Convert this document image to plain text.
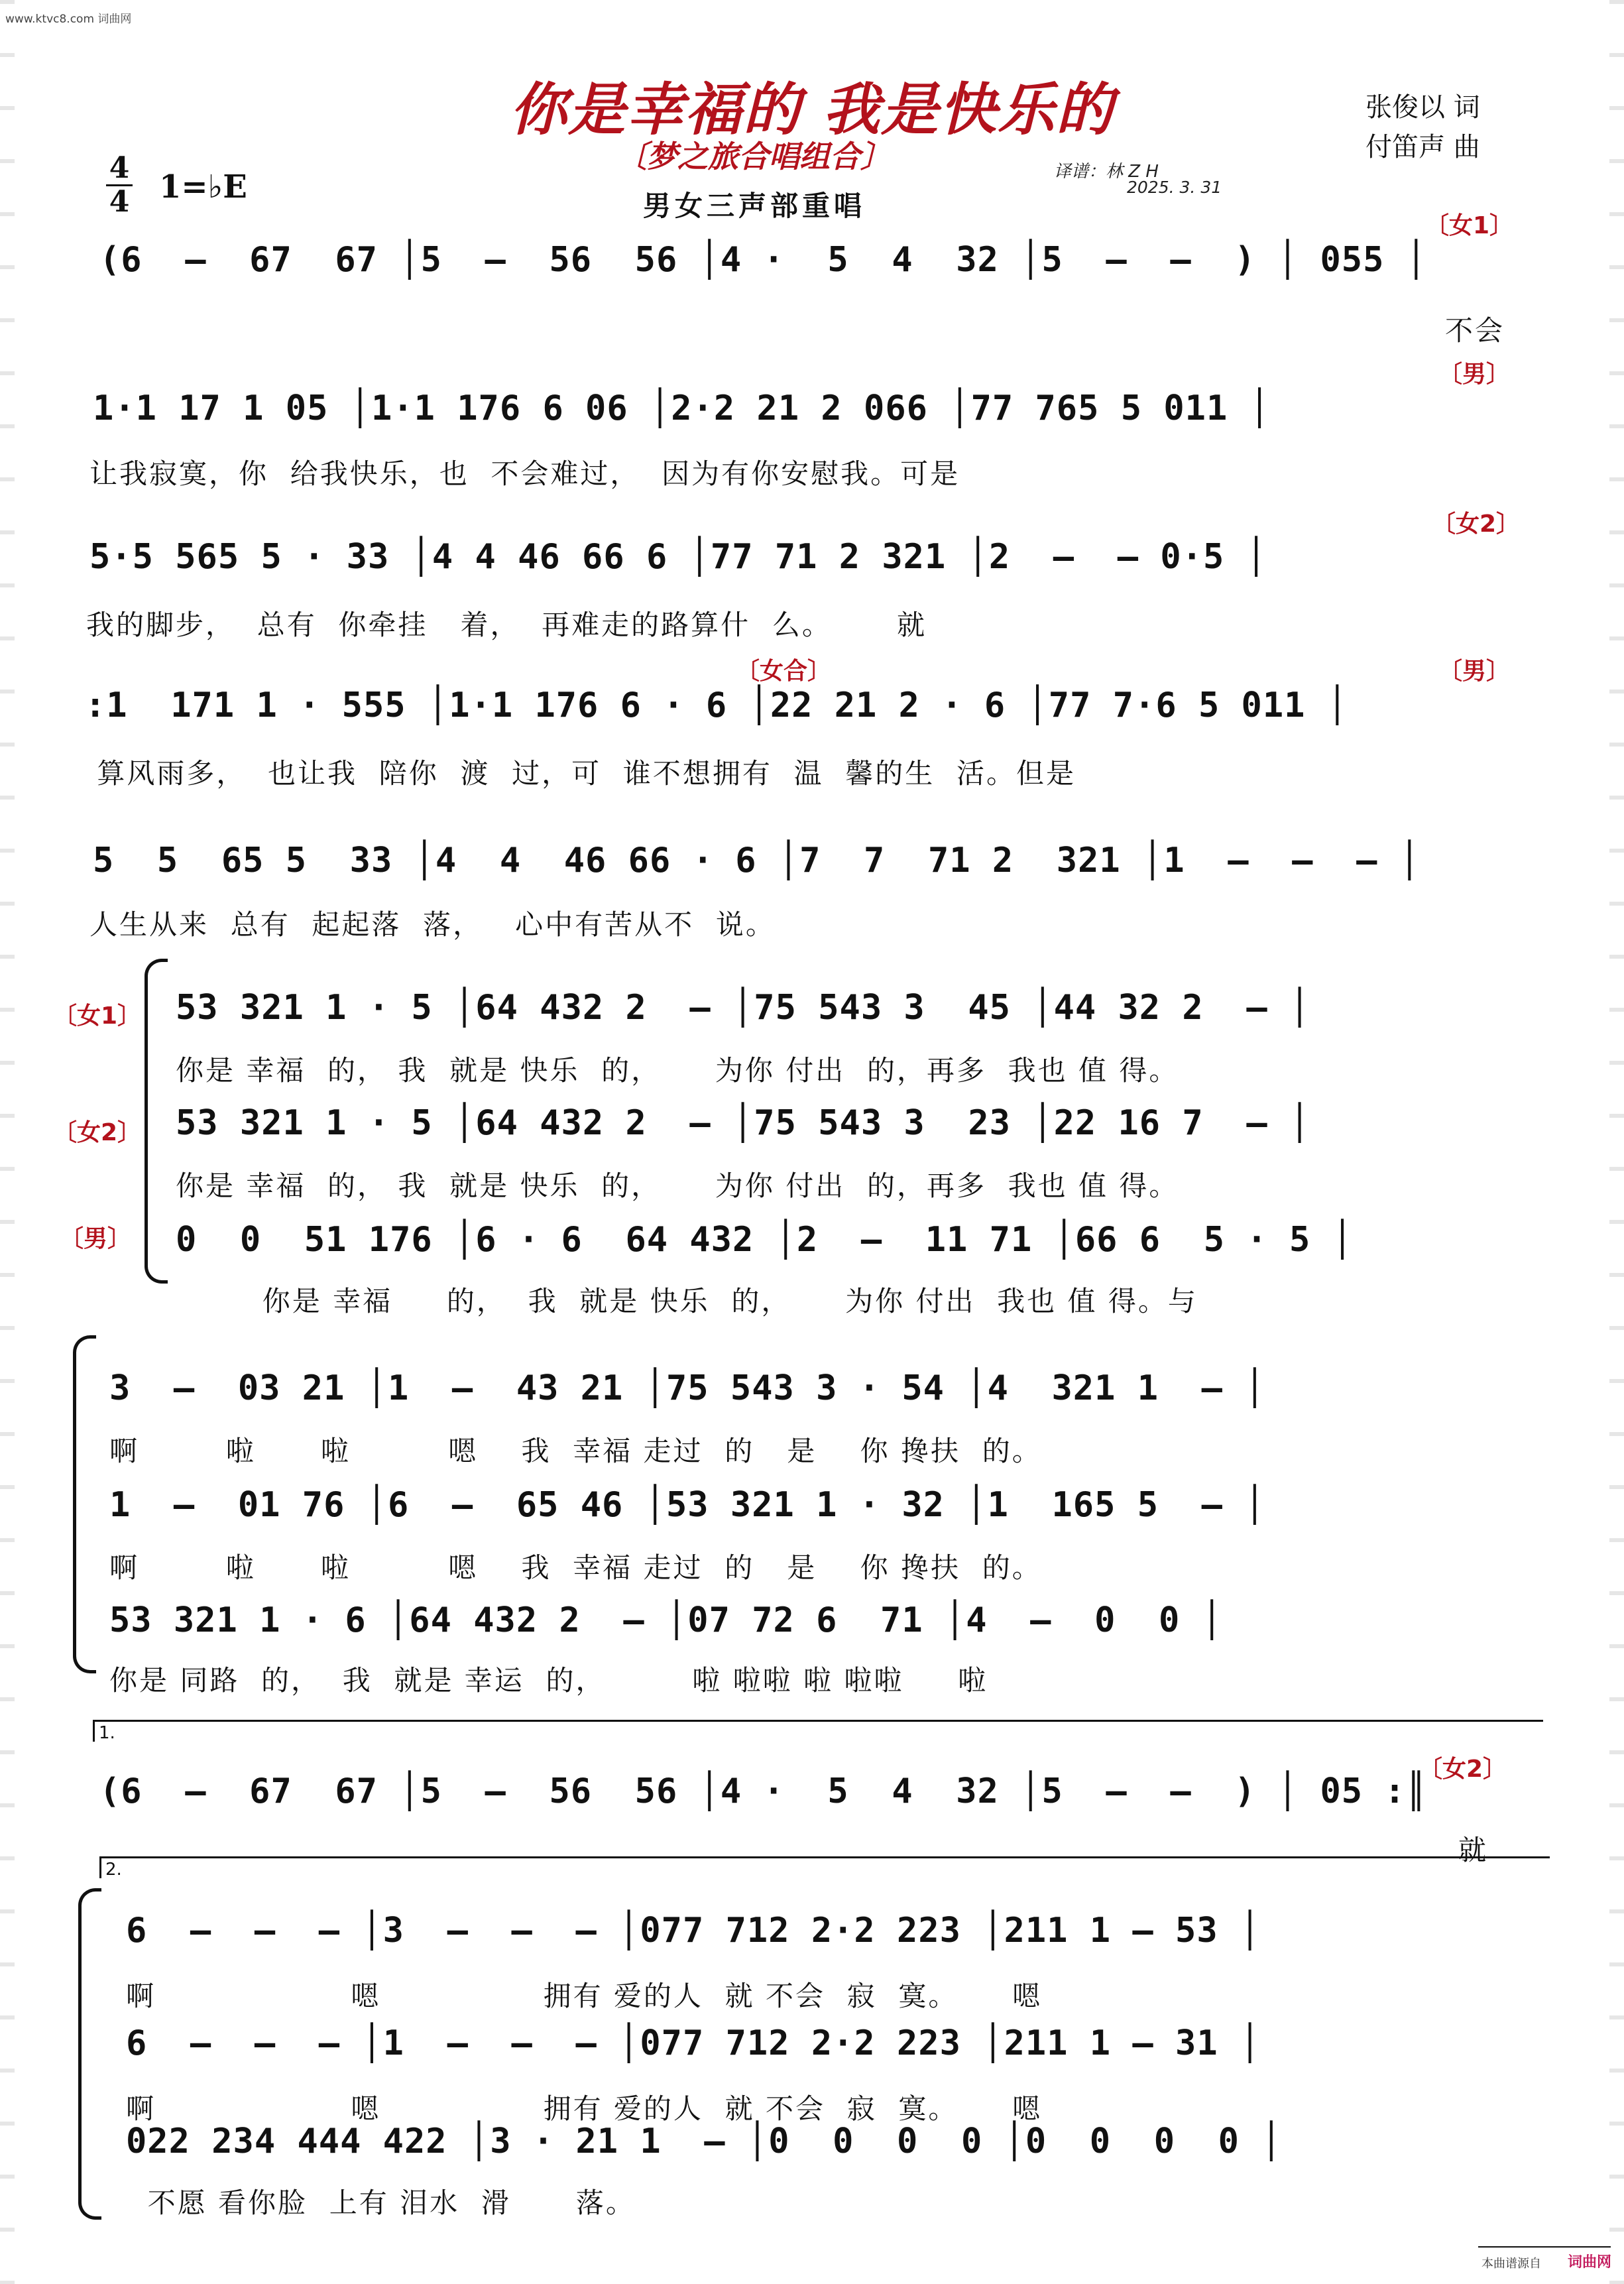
www.ktvc8.com 词曲网
你是幸福的 我是快乐的
〔梦之旅合唱组合〕
男女三声部重唱
张俊以 词
付笛声 曲
译谱：林 Z H
2025. 3. 31
4
4 1=♭E
〔女1〕
〔男〕
〔女2〕
〔女合〕	〔男〕
〔女1〕
〔女2〕
〔男〕
〔女2〕
(6  –  67  67 │5  –  56  56 │4 ·  5  4  32 │5  –  –  ) │ 055 │
不会
1·1 17 1 05 │1·1 176 6 06 │2·2 21 2 066 │77 765 5 011 │
让我寂寞，你  给我快乐，也  不会难过，  因为有你安慰我。可是
5·5 565 5 · 33 │4 4 46 66 6 │77 71 2 321 │2  –  – 0·5 │
我的脚步，  总有  你牵挂   着，  再难走的路算什  么。      就
:1  171 1 · 555 │1·1 176 6 · 6 │22 21 2 · 6 │77 7·6 5 011 │
算风雨多，  也让我  陪你  渡  过，可  谁不想拥有  温  馨的生  活。但是
5  5  65 5  33 │4  4  46 66 · 6 │7  7  71 2  321 │1  –  –  – │
人生从来  总有  起起落  落，   心中有苦从不  说。
53 321 1 · 5 │64 432 2  – │75 543 3  45 │44 32 2  – │
你是 幸福  的， 我  就是 快乐  的，     为你 付出  的，再多  我也 值 得。
53 321 1 · 5 │64 432 2  – │75 543 3  23 │22 16 7  – │
你是 幸福  的， 我  就是 快乐  的，     为你 付出  的，再多  我也 值 得。
0  0  51 176 │6 · 6  64 432 │2  –  11 71 │66 6  5 · 5 │
你是 幸福     的，  我  就是 快乐  的，     为你 付出  我也 值 得。与
3  –  03 21 │1  –  43 21 │75 543 3 · 54 │4  321 1  – │
啊        啦      啦         嗯    我  幸福 走过  的   是    你 搀扶  的。
1  –  01 76 │6  –  65 46 │53 321 1 · 32 │1  165 5  – │
啊        啦      啦         嗯    我  幸福 走过  的   是    你 搀扶  的。
53 321 1 · 6 │64 432 2  – │07 72 6  71 │4  –  0  0 │
你是 同路  的，  我  就是 幸运  的，        啦 啦啦 啦 啦啦     啦
1.
(6  –  67  67 │5  –  56  56 │4 ·  5  4  32 │5  –  –  ) │ 05 :║
就
2.
6  –  –  – │3  –  –  – │077 712 2·2 223 │211 1 – 53 │
啊                  嗯               拥有 爱的人  就 不会  寂  寞。     嗯
6  –  –  – │1  –  –  – │077 712 2·2 223 │211 1 – 31 │
啊                  嗯               拥有 爱的人  就 不会  寂  寞。     嗯
022 234 444 422 │3 · 21 1  – │0  0  0  0 │0  0  0  0 │
不愿 看你脸  上有 泪水  滑      落。
本曲谱源自 词曲网
